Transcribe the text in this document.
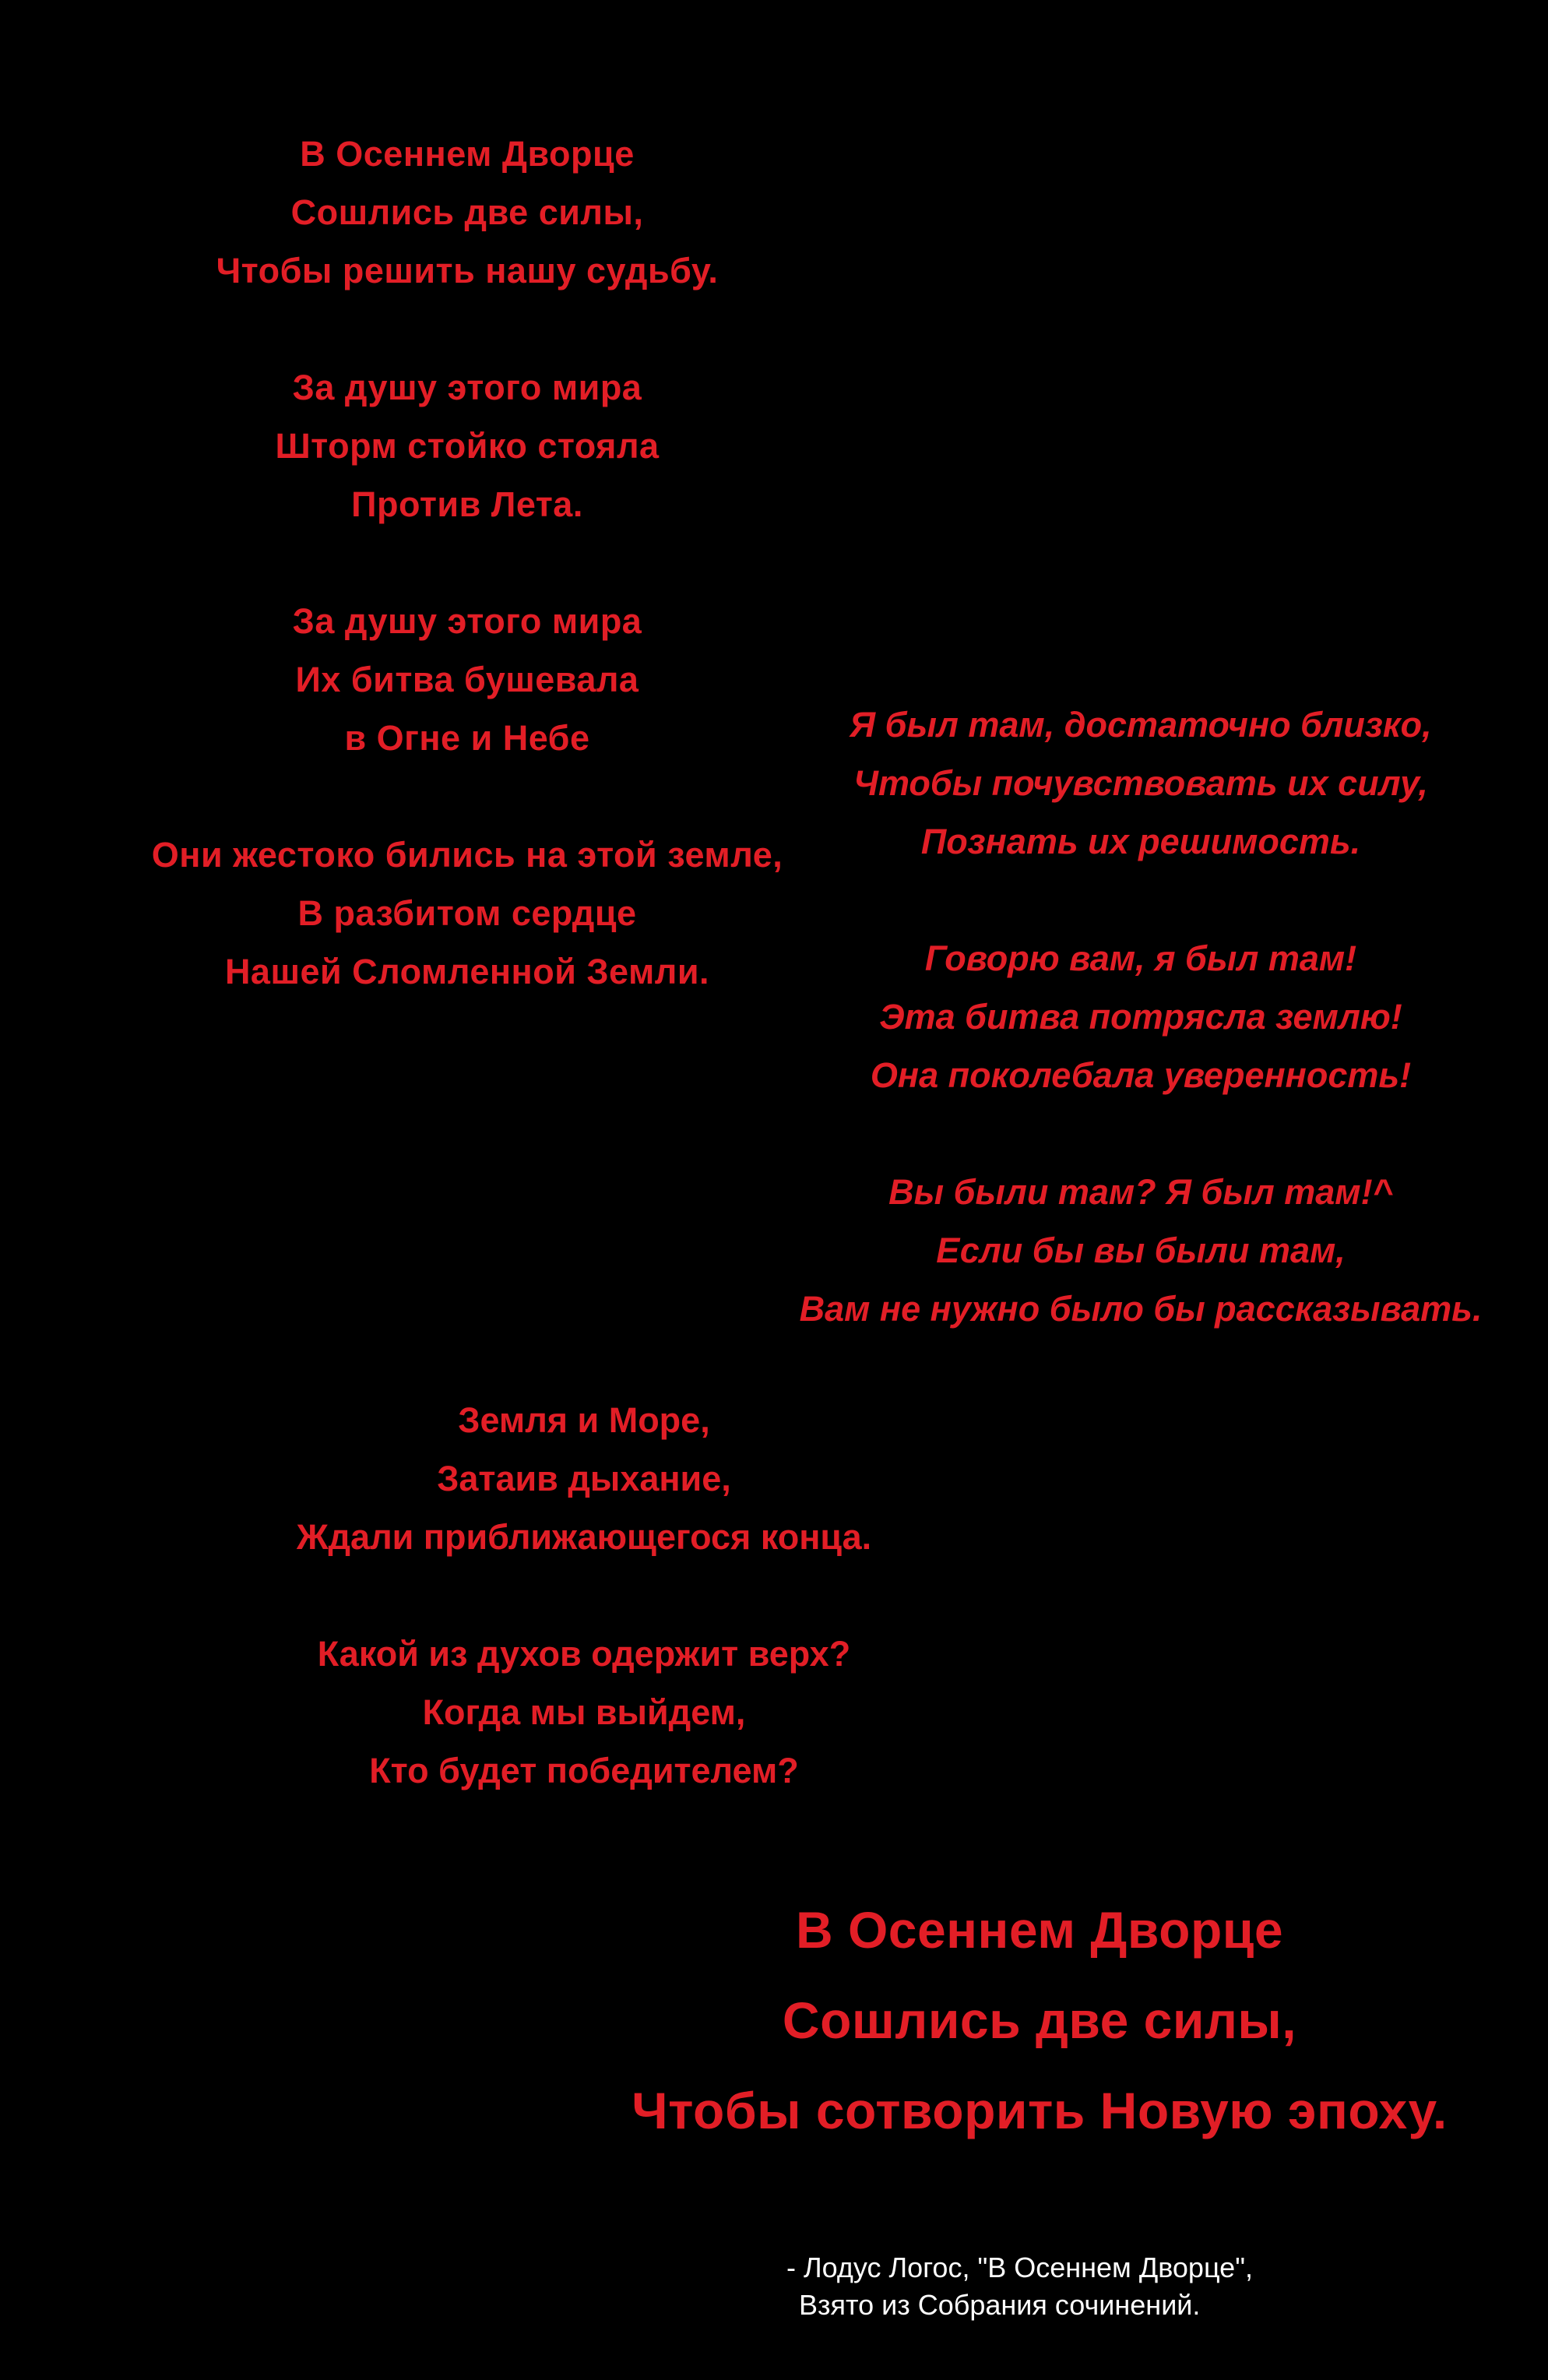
В Осеннем Дворце
Сошлись две силы,
Чтобы решить нашу судьбу.
За душу этого мира
Шторм стойко стояла
Против Лета.
За душу этого мира
Их битва бушевала
в Огне и Небе
Они жестоко бились на этой земле,
В разбитом сердце
Нашей Сломленной Земли.
Я был там, достаточно близко,
Чтобы почувствовать их силу,
Познать их решимость.
Говорю вам, я был там!
Эта битва потрясла землю!
Она поколебала уверенность!
Вы были там? Я был там!^
Если бы вы были там,
Вам не нужно было бы рассказывать.
Земля и Море,
Затаив дыхание,
Ждали приближающегося конца.
Какой из духов одержит верх?
Когда мы выйдем,
Кто будет победителем?
В Осеннем Дворце
Сошлись две силы,
Чтобы сотворить Новую эпоху.
- Лодус Логос, "В Осеннем Дворце",
Взято из Собрания сочинений.
